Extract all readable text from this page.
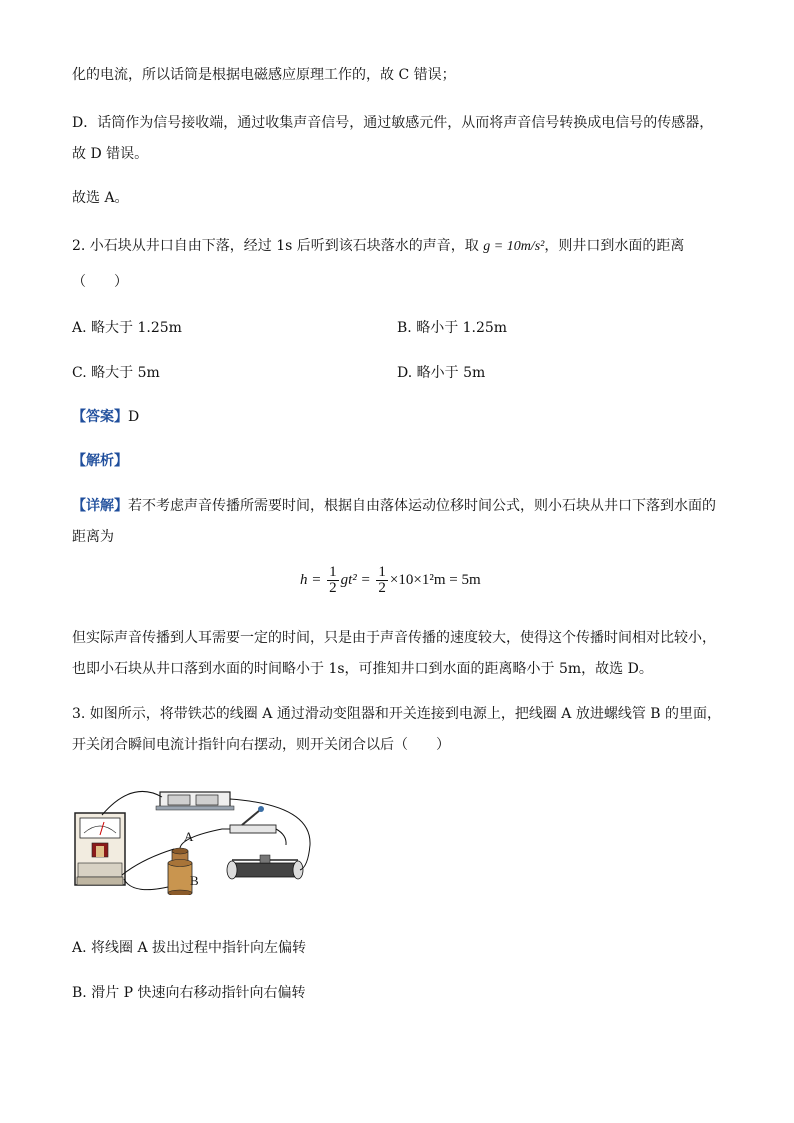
化的电流，所以话筒是根据电磁感应原理工作的，故 C 错误；
D．话筒作为信号接收端，通过收集声音信号，通过敏感元件，从而将声音信号转换成电信号的传感器，
故 D 错误。
故选 A。
2. 小石块从井口自由下落，经过 1s 后听到该石块落水的声音，取 g = 10m/s²，则井口到水面的距离
（　　）
A. 略大于 1.25m	B. 略小于 1.25m
C. 略大于 5m	D. 略小于 5m
【答案】D
【解析】
【详解】若不考虑声音传播所需要时间，根据自由落体运动位移时间公式，则小石块从井口下落到水面的
距离为
$h = \frac{1}{2} gt^2 = \frac{1}{2} \times 10\times 1^2m = 5m$
但实际声音传播到人耳需要一定的时间，只是由于声音传播的速度较大，使得这个传播时间相对比较小，
也即小石块从井口落到水面的时间略小于 1s，可推知井口到水面的距离略小于 5m，故选 D。
3. 如图所示，将带铁芯的线圈 A 通过滑动变阻器和开关连接到电源上，把线圈 A 放进螺线管 B 的里面，
开关闭合瞬间电流计指针向右摆动，则开关闭合以后（　　）
A
B
A. 将线圈 A 拔出过程中指针向左偏转
B. 滑片 P 快速向右移动指针向右偏转
